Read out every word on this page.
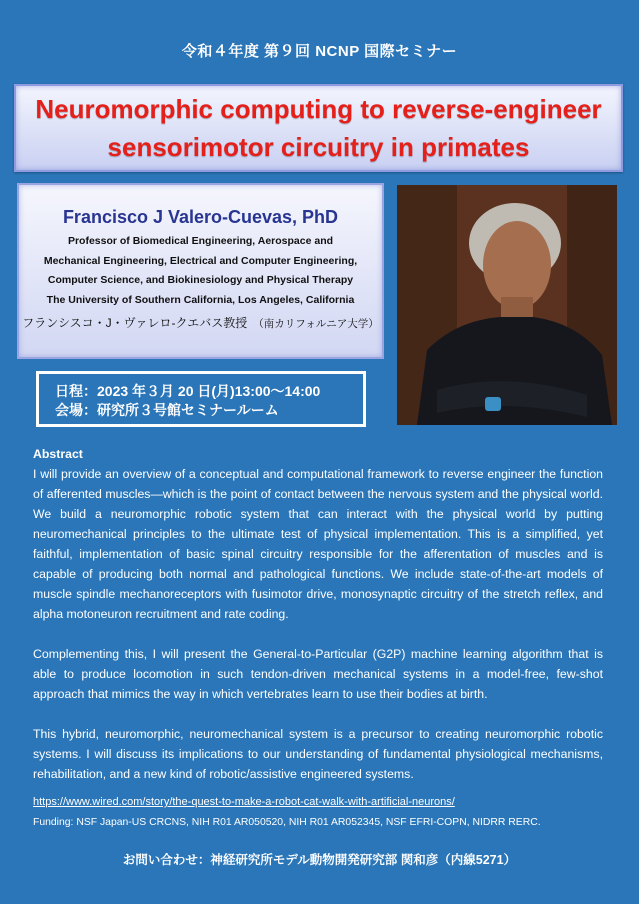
令和４年度 第９回 NCNP 国際セミナー
Neuromorphic computing to reverse-engineer
sensorimotor circuitry in primates
Francisco J Valero-Cuevas, PhD
Professor of Biomedical Engineering, Aerospace and
Mechanical Engineering, Electrical and Computer Engineering,
Computer Science, and Biokinesiology and Physical Therapy
The University of Southern California, Los Angeles, California
フランシスコ・J・ヴァレロ-クエバス教授 （南カリフォルニア大学）
日程：2023 年３月 20 日(月)13:00～14:00
会場：研究所３号館セミナールーム

Abstract

I will provide an overview of a conceptual and computational framework to reverse engineer the function of afferented muscles—which is the point of contact between the nervous system and the physical world. We build a neuromorphic robotic system that can interact with the physical world by putting neuromechanical principles to the ultimate test of physical implementation. This is a simplified, yet faithful, implementation of basic spinal circuitry responsible for the afferentation of muscles and is capable of producing both normal and pathological functions. We include state-of-the-art models of muscle spindle mechanoreceptors with fusimotor drive, monosynaptic circuitry of the stretch reflex, and alpha motoneuron recruitment and rate coding.

Complementing this, I will present the General-to-Particular (G2P) machine learning algorithm that is able to produce locomotion in such tendon-driven mechanical systems in a model-free, few-shot approach that mimics the way in which vertebrates learn to use their bodies at birth.

This hybrid, neuromorphic, neuromechanical system is a precursor to creating neuromorphic robotic systems. I will discuss its implications to our understanding of fundamental physiological mechanisms, rehabilitation, and a new kind of robotic/assistive engineered systems.

https://www.wired.com/story/the-quest-to-make-a-robot-cat-walk-with-artificial-neurons/
Funding: NSF Japan-US CRCNS, NIH R01 AR050520, NIH R01 AR052345, NSF EFRI-COPN, NIDRR RERC.
お問い合わせ：神経研究所モデル動物開発研究部 関和彦（内線5271）
